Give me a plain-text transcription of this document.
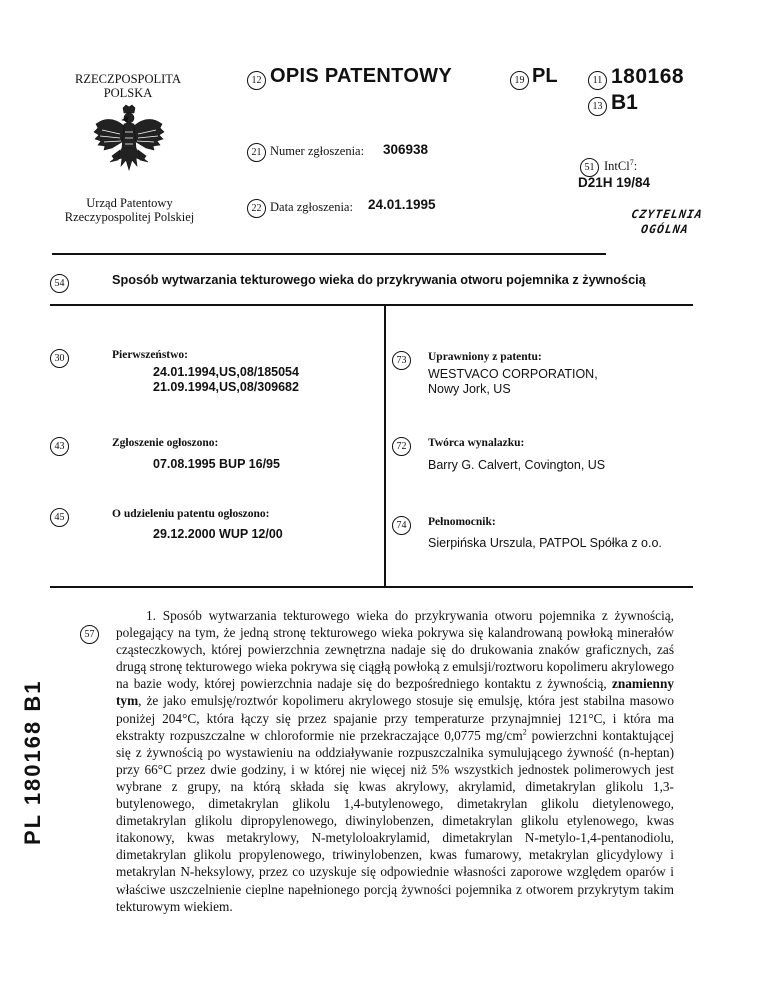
RZECZPOSPOLITA
POLSKA
Urząd Patentowy
Rzeczypospolitej Polskiej
12 OPIS PATENTOWY	19 PL	11 180168
13 B1
21 Numer zgłoszenia: 306938
51 IntCl$^7$:
D21H 19/84
22 Data zgłoszenia: 24.01.1995
CZYTELNIA
OGÓLNA
54	Sposób wytwarzania tekturowego wieka do przykrywania otworu pojemnika z żywnością
30	Pierwszeństwo:
24.01.1994,US,08/185054
21.09.1994,US,08/309682
43	Zgłoszenie ogłoszono:
07.08.1995 BUP 16/95
45	O udzieleniu patentu ogłoszono:
29.12.2000 WUP 12/00
73	Uprawniony z patentu:
WESTVACO CORPORATION,
Nowy Jork, US
72	Twórca wynalazku:
Barry G. Calvert, Covington, US
74	Pełnomocnik:
Sierpińska Urszula, PATPOL Spółka z o.o.
57
1. Sposób wytwarzania tekturowego wieka do przykrywania otworu pojemnika z żywnością, polegający na tym, że jedną stronę tekturowego wieka pokrywa się kalandrowaną powłoką minerałów cząsteczkowych, której powierzchnia zewnętrzna nadaje się do drukowania znaków graficznych, zaś drugą stronę tekturowego wieka pokrywa się ciągłą powłoką z emulsji/roztworu kopolimeru akrylowego na bazie wody, której powierzchnia nadaje się do bezpośredniego kontaktu z żywnością, znamienny tym, że jako emulsję/roztwór kopolimeru akrylowego stosuje się emulsję, która jest stabilna masowo poniżej 204°C, która łączy się przez spajanie przy temperaturze przynajmniej 121°C, i która ma ekstrakty rozpuszczalne w chloroformie nie przekraczające 0,0775 $mg/cm^2$ powierzchni kontaktującej się z żywnością po wystawieniu na oddziaływanie rozpuszczalnika symulującego żywność (n-heptan) przy 66°C przez dwie godziny, i w której nie więcej niż 5% wszystkich jednostek polimerowych jest wybrane z grupy, na którą składa się kwas akrylowy, akrylamid, dimetakrylan glikolu 1,3-butylenowego, dimetakrylan glikolu 1,4-butylenowego, dimetakrylan glikolu dietylenowego, dimetakrylan glikolu dipropylenowego, diwinylobenzen, dimetakrylan glikolu etylenowego, kwas itakonowy, kwas metakrylowy, N-metyloloakrylamid, dimetakrylan N-metylo-1,4-pentanodiolu, dimetakrylan glikolu propylenowego, triwinylobenzen, kwas fumarowy, metakrylan glicydylowy i metakrylan N-heksylowy, przez co uzyskuje się odpowiednie własności zaporowe względem oparów i właściwe uszczelnienie cieplne napełnionego porcją żywności pojemnika z otworem przykrytym takim tekturowym wiekiem.
PL 180168 B1
